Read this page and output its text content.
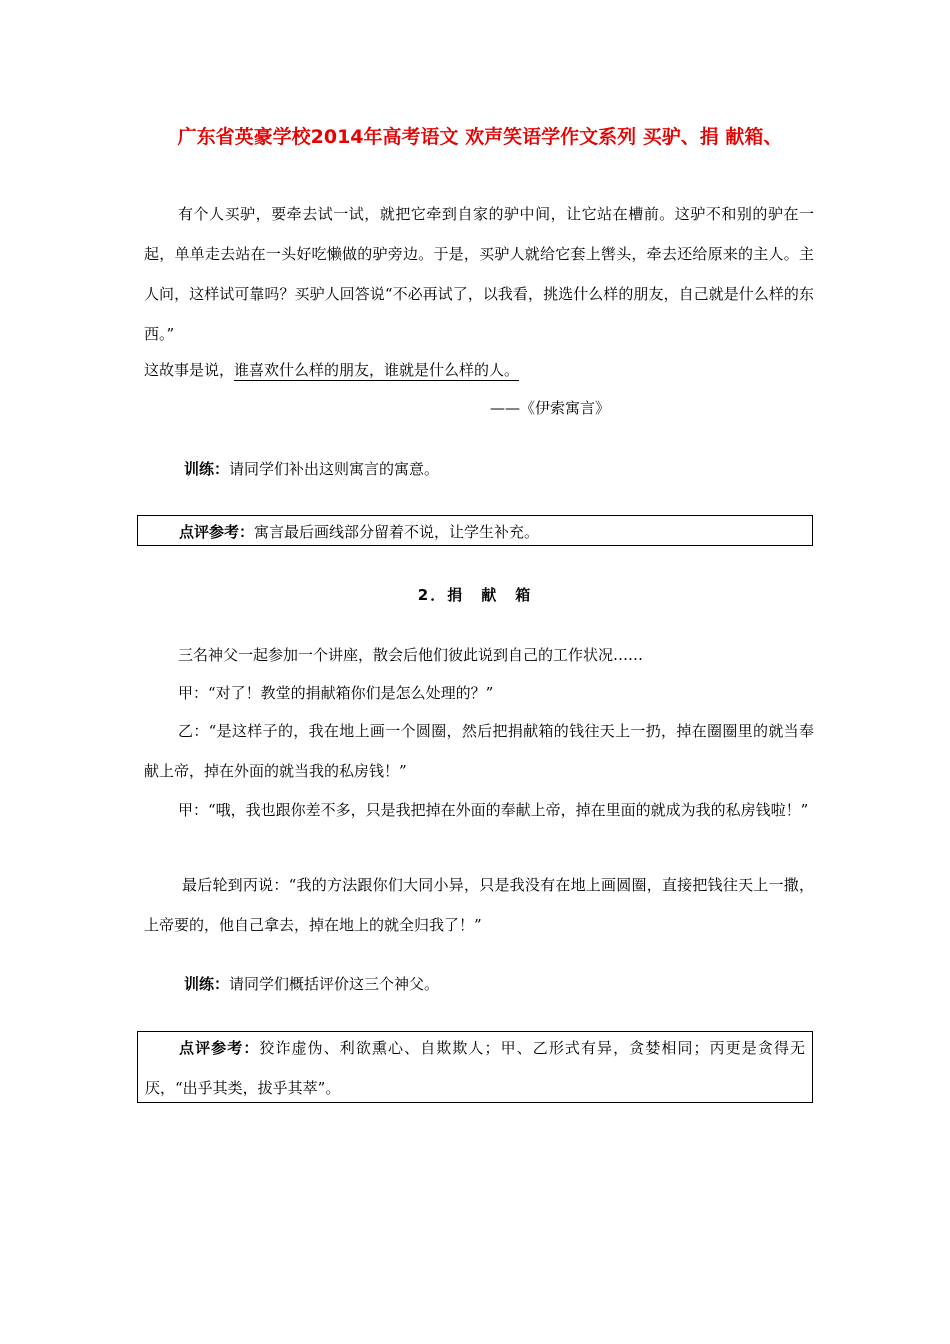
广东省英豪学校2014年高考语文 欢声笑语学作文系列 买驴、捐 献箱、
有个人买驴，要牵去试一试，就把它牵到自家的驴中间，让它站在槽前。这驴不和别的驴在一起，单单走去站在一头好吃懒做的驴旁边。于是，买驴人就给它套上辔头，牵去还给原来的主人。主人问，这样试可靠吗？买驴人回答说“不必再试了，以我看，挑选什么样的朋友，自己就是什么样的东西。”
这故事是说，谁喜欢什么样的朋友，谁就是什么样的人。
——《伊索寓言》
训练：请同学们补出这则寓言的寓意。
点评参考：寓言最后画线部分留着不说，让学生补充。
2．捐　献　箱
三名神父一起参加一个讲座，散会后他们彼此说到自己的工作状况……
甲：“对了！教堂的捐献箱你们是怎么处理的？”
乙：“是这样子的，我在地上画一个圆圈，然后把捐献箱的钱往天上一扔，掉在圈圈里的就当奉献上帝，掉在外面的就当我的私房钱！”
甲：“哦，我也跟你差不多，只是我把掉在外面的奉献上帝，掉在里面的就成为我的私房钱啦！”
最后轮到丙说：“我的方法跟你们大同小异，只是我没有在地上画圆圈，直接把钱往天上一撒，上帝要的，他自己拿去，掉在地上的就全归我了！”
训练：请同学们概括评价这三个神父。
点评参考：狡诈虚伪、利欲熏心、自欺欺人；甲、乙形式有异，贪婪相同；丙更是贪得无厌，“出乎其类，拔乎其萃”。
